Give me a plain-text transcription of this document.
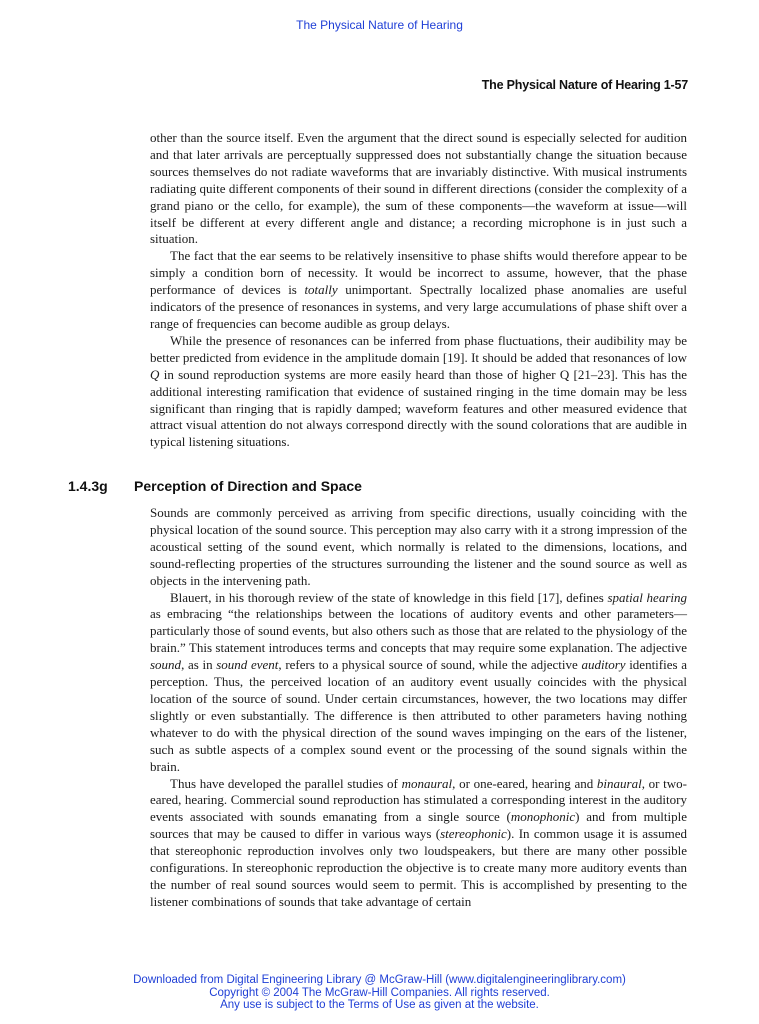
The Physical Nature of Hearing
The Physical Nature of Hearing 1-57

other than the source itself. Even the argument that the direct sound is especially selected for audition and that later arrivals are perceptually suppressed does not substantially change the situation because sources themselves do not radiate waveforms that are invariably distinctive. With musical instruments radiating quite different components of their sound in different directions (consider the complexity of a grand piano or the cello, for example), the sum of these components—the waveform at issue—will itself be different at every different angle and distance; a recording microphone is in just such a situation.

The fact that the ear seems to be relatively insensitive to phase shifts would therefore appear to be simply a condition born of necessity. It would be incorrect to assume, however, that the phase performance of devices is totally unimportant. Spectrally localized phase anomalies are useful indicators of the presence of resonances in systems, and very large accumulations of phase shift over a range of frequencies can become audible as group delays.

While the presence of resonances can be inferred from phase fluctuations, their audibility may be better predicted from evidence in the amplitude domain [19]. It should be added that resonances of low Q in sound reproduction systems are more easily heard than those of higher Q [21–23]. This has the additional interesting ramification that evidence of sustained ringing in the time domain may be less significant than ringing that is rapidly damped; waveform features and other measured evidence that attract visual attention do not always correspond directly with the sound colorations that are audible in typical listening situations.

1.4.3g Perception of Direction and Space

Sounds are commonly perceived as arriving from specific directions, usually coinciding with the physical location of the sound source. This perception may also carry with it a strong impression of the acoustical setting of the sound event, which normally is related to the dimensions, locations, and sound-reflecting properties of the structures surrounding the listener and the sound source as well as objects in the intervening path.

Blauert, in his thorough review of the state of knowledge in this field [17], defines spatial hearing as embracing “the relationships between the locations of auditory events and other parameters—particularly those of sound events, but also others such as those that are related to the physiology of the brain.” This statement introduces terms and concepts that may require some explanation. The adjective sound, as in sound event, refers to a physical source of sound, while the adjective auditory identifies a perception. Thus, the perceived location of an auditory event usually coincides with the physical location of the source of sound. Under certain circumstances, however, the two locations may differ slightly or even substantially. The difference is then attributed to other parameters having nothing whatever to do with the physical direction of the sound waves impinging on the ears of the listener, such as subtle aspects of a complex sound event or the processing of the sound signals within the brain.

Thus have developed the parallel studies of monaural, or one-eared, hearing and binaural, or two-eared, hearing. Commercial sound reproduction has stimulated a corresponding interest in the auditory events associated with sounds emanating from a single source (monophonic) and from multiple sources that may be caused to differ in various ways (stereophonic). In common usage it is assumed that stereophonic reproduction involves only two loudspeakers, but there are many other possible configurations. In stereophonic reproduction the objective is to create many more auditory events than the number of real sound sources would seem to permit. This is accomplished by presenting to the listener combinations of sounds that take advantage of certain

Downloaded from Digital Engineering Library @ McGraw-Hill (www.digitalengineeringlibrary.com)
Copyright © 2004 The McGraw-Hill Companies. All rights reserved.
Any use is subject to the Terms of Use as given at the website.
